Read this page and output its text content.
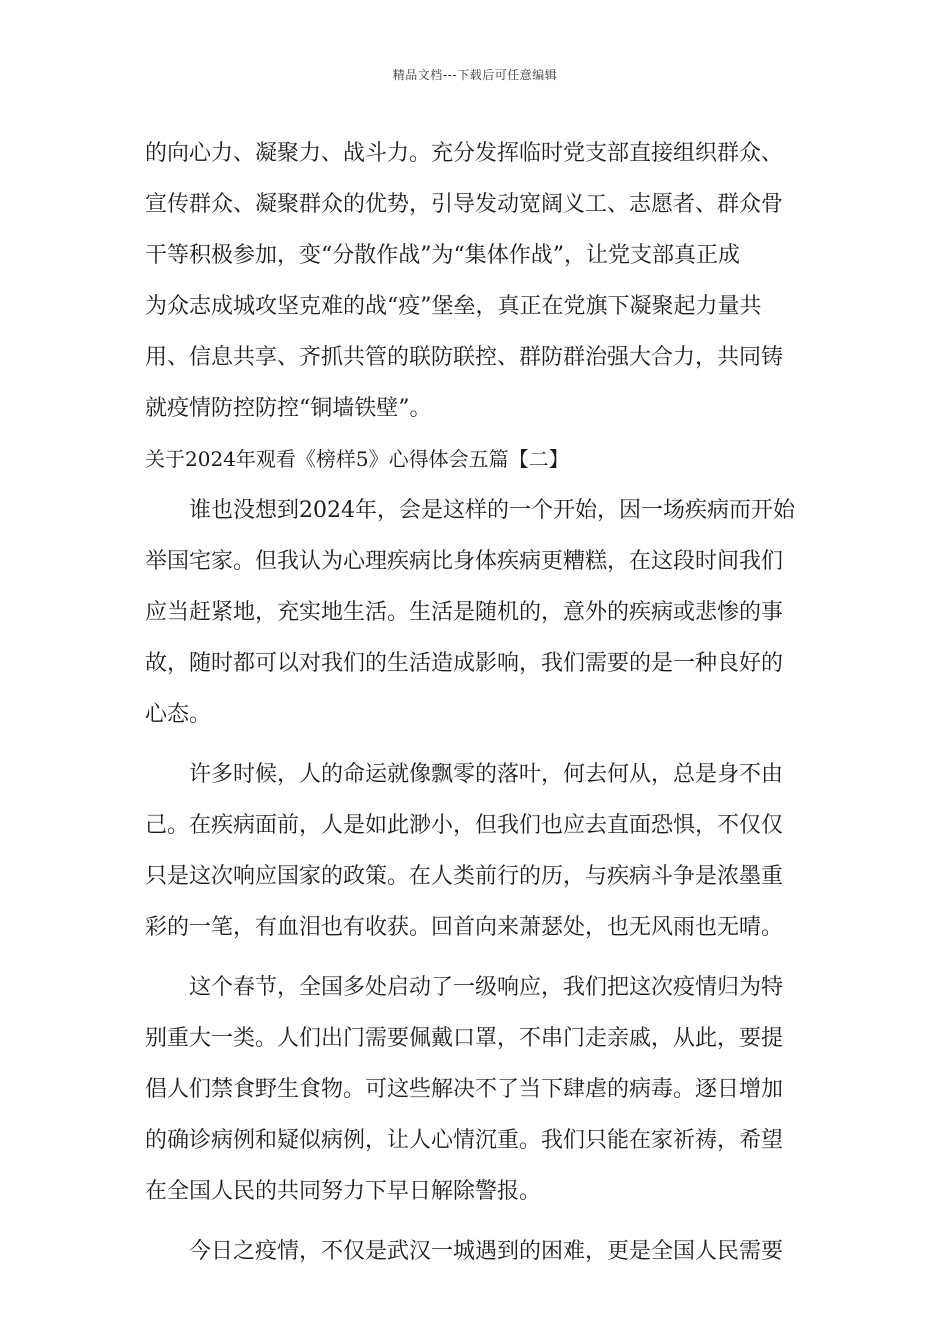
精品文档---下载后可任意编辑
的向心力、凝聚力、战斗力。充分发挥临时党支部直接组织群众、
宣传群众、凝聚群众的优势，引导发动宽阔义工、志愿者、群众骨
干等积极参加，变“分散作战”为“集体作战”，让党支部真正成
为众志成城攻坚克难的战“疫”堡垒，真正在党旗下凝聚起力量共
用、信息共享、齐抓共管的联防联控、群防群治强大合力，共同铸
就疫情防控防控“铜墙铁壁”。
关于2024年观看《榜样5》心得体会五篇【二】
谁也没想到2024年，会是这样的一个开始，因一场疾病而开始
举国宅家。但我认为心理疾病比身体疾病更糟糕，在这段时间我们
应当赶紧地，充实地生活。生活是随机的，意外的疾病或悲惨的事
故，随时都可以对我们的生活造成影响，我们需要的是一种良好的
心态。
许多时候，人的命运就像飘零的落叶，何去何从，总是身不由
己。在疾病面前，人是如此渺小，但我们也应去直面恐惧，不仅仅
只是这次响应国家的政策。在人类前行的历，与疾病斗争是浓墨重
彩的一笔，有血泪也有收获。回首向来萧瑟处，也无风雨也无晴。
这个春节，全国多处启动了一级响应，我们把这次疫情归为特
别重大一类。人们出门需要佩戴口罩，不串门走亲戚，从此，要提
倡人们禁食野生食物。可这些解决不了当下肆虐的病毒。逐日增加
的确诊病例和疑似病例，让人心情沉重。我们只能在家祈祷，希望
在全国人民的共同努力下早日解除警报。
今日之疫情，不仅是武汉一城遇到的困难，更是全国人民需要
